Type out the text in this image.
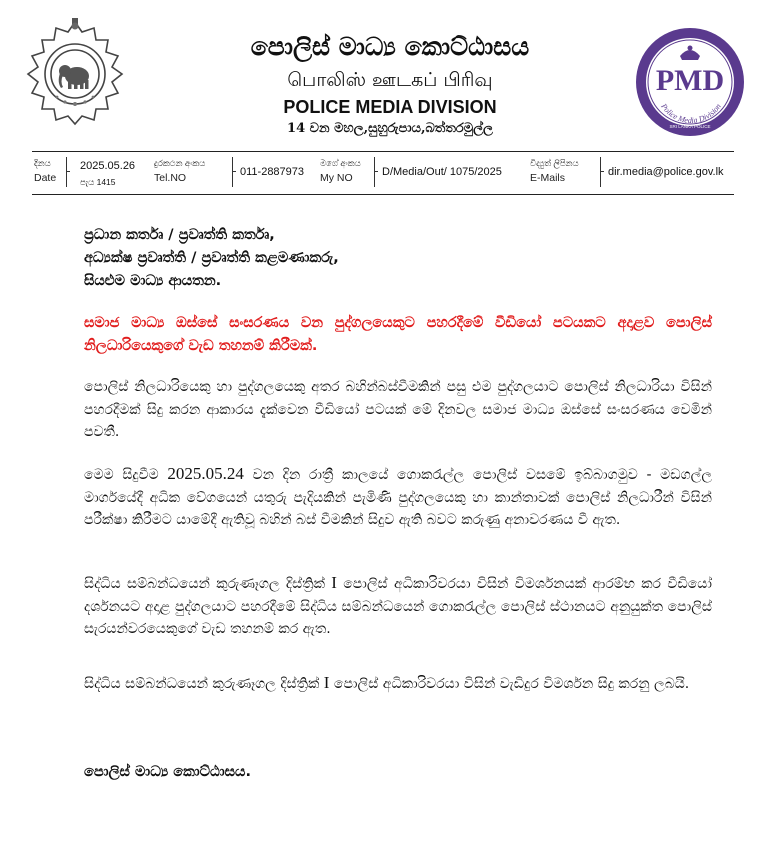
පොලිස් මාධ්‍ය කොට්ඨාසය
பொலிஸ் ஊடகப் பிரிவு
POLICE MEDIA DIVISION
14 වන මහල,සුහුරුපාය,බත්තරමුල්ල
PMD
Police Media Division
SRI LANKA POLICE
දිනය
Date
2025.05.26
පැය 1415
දුරකථන අංකය
Tel.NO	011-2887973
මගේ අංකය
My NO	D/Media/Out/ 1075/2025
විද්‍යුත් ලිපිනය
E-Mails	dir.media@police.gov.lk
ප්‍රධාන කර්තෘ / ප්‍රවෘත්ති කර්තෘ,
අධ්‍යක්ෂ ප්‍රවෘත්ති / ප්‍රවෘත්ති කළමණාකරු,
සියළුම මාධ්‍ය ආයතන.
සමාජ මාධ්‍ය ඔස්සේ සංසරණය වන පුද්ගලයෙකුට පහරදීමේ වීඩියෝ පටයකට අදාළව පොලිස් නිලධාරියෙකුගේ වැඩ තහනම් කිරීමක්.
පොලිස් නිලධාරියෙකු හා පුද්ගලයෙකු අතර බහින්බස්වීමකින් පසු එම පුද්ගලයාට පොලිස් නිලධාරියා විසින් පහරදීමක් සිදු කරන ආකාරය දැක්වෙන වීඩියෝ පටයක් මේ දිනවල සමාජ මාධ්‍ය ඔස්සේ සංසරණය වෙමින් පවතී.
මෙම සිදුවීම 2025.05.24 වන දින රාත්‍රී කාලයේ ගොකරැල්ල පොලිස් වසමේ ඉබ්බාගමුව - මඩගල්ල මාර්ගයේදී අධික වේගයෙන් යතුරු පැදියකින් පැමිණි පුද්ගලයෙකු හා කාන්තාවක් පොලිස් නිලධාරීන් විසින් පරීක්ෂා කිරීමට යාමේදී ඇතිවූ බහින් බස් වීමකින් සිදුව ඇති බවට කරුණු අනාවරණය වී ඇත.
සිද්ධිය සම්බන්ධයෙන් කුරුණෑගල දිස්ත්‍රික් I පොලිස් අධිකාරිවරයා විසින් විමර්ශනයක් ආරම්භ කර වීඩියෝ දර්ශනයට අදාළ පුද්ගලයාට පහරදීමේ සිද්ධිය සම්බන්ධයෙන් ගොකරැල්ල පොලිස් ස්ථානයට අනුයුක්ත පොලිස් සැරයන්වරයෙකුගේ වැඩ තහනම් කර ඇත.
සිද්ධිය සම්බන්ධයෙන් කුරුණෑගල දිස්ත්‍රික් I පොලිස් අධිකාරිවරයා විසින් වැඩිදුර විමර්ශන සිදු කරනු ලබයි.
පොලිස් මාධ්‍ය කොට්ඨාසය.
